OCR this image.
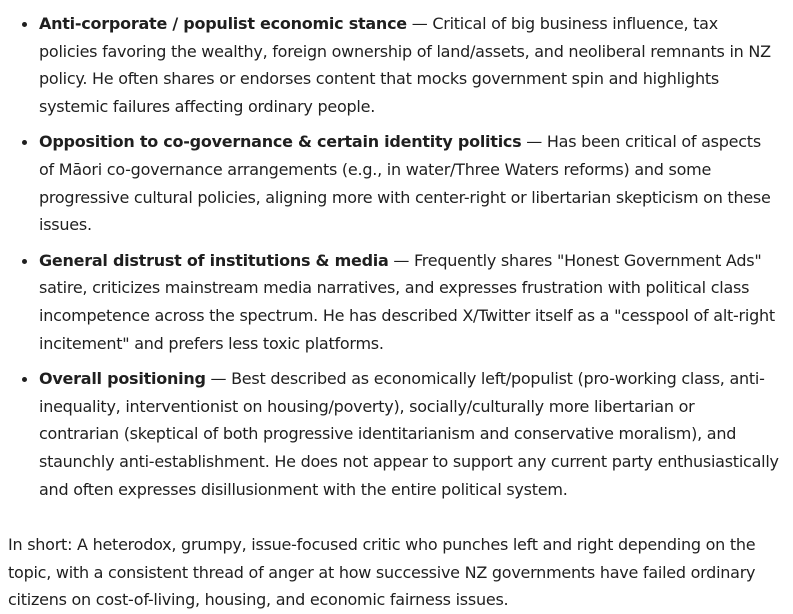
Anti-corporate / populist economic stance — Critical of big business influence, tax policies favoring the wealthy, foreign ownership of land/assets, and neoliberal remnants in NZ policy. He often shares or endorses content that mocks government spin and highlights systemic failures affecting ordinary people.
Opposition to co-governance & certain identity politics — Has been critical of aspects of Māori co-governance arrangements (e.g., in water/Three Waters reforms) and some progressive cultural policies, aligning more with center-right or libertarian skepticism on these issues.
General distrust of institutions & media — Frequently shares "Honest Government Ads" satire, criticizes mainstream media narratives, and expresses frustration with political class incompetence across the spectrum. He has described X/Twitter itself as a "cesspool of alt-right incitement" and prefers less toxic platforms.
Overall positioning — Best described as economically left/populist (pro-working class, anti-inequality, interventionist on housing/poverty), socially/culturally more libertarian or contrarian (skeptical of both progressive identitarianism and conservative moralism), and staunchly anti-establishment. He does not appear to support any current party enthusiastically and often expresses disillusionment with the entire political system.

In short: A heterodox, grumpy, issue-focused critic who punches left and right depending on the topic, with a consistent thread of anger at how successive NZ governments have failed ordinary citizens on cost-of-living, housing, and economic fairness issues.
